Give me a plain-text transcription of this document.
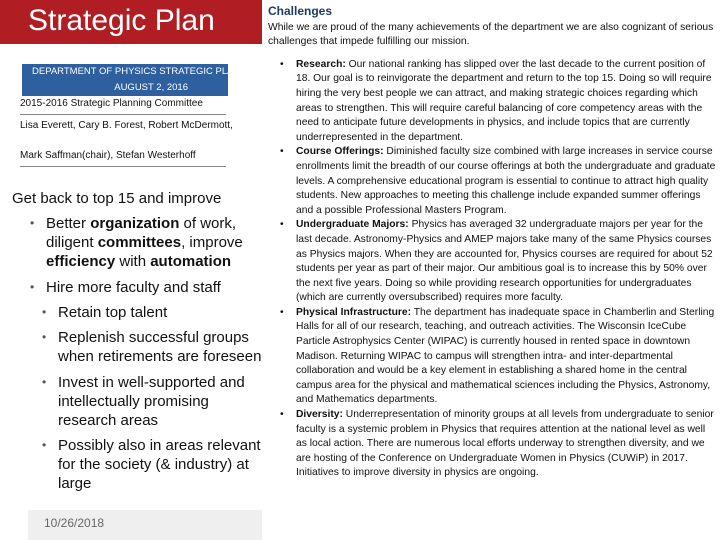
Strategic Plan
DEPARTMENT OF PHYSICS STRATEGIC PLAN
AUGUST 2, 2016
2015-2016 Strategic Planning Committee
Lisa Everett, Cary B. Forest, Robert McDermott,
Mark Saffman(chair), Stefan Westerhoff
Get back to top 15 and improve
• Better organization of work, diligent committees, improve efficiency with automation
• Hire more faculty and staff
• Retain top talent
• Replenish successful groups when retirements are foreseen
• Invest in well-supported and intellectually promising research areas
• Possibly also in areas relevant for the society (& industry) at large
10/26/2018
Challenges
While we are proud of the many achievements of the department we are also cognizant of serious challenges that impede fulfilling our mission.
• Research: Our national ranking has slipped over the last decade to the current position of 18. Our goal is to reinvigorate the department and return to the top 15. Doing so will require hiring the very best people we can attract, and making strategic choices regarding which areas to strengthen. This will require careful balancing of core competency areas with the need to anticipate future developments in physics, and include topics that are currently underrepresented in the department.
• Course Offerings: Diminished faculty size combined with large increases in service course enrollments limit the breadth of our course offerings at both the undergraduate and graduate levels. A comprehensive educational program is essential to continue to attract high quality students. New approaches to meeting this challenge include expanded summer offerings and a possible Professional Masters Program.
• Undergraduate Majors: Physics has averaged 32 undergraduate majors per year for the last decade. Astronomy-Physics and AMEP majors take many of the same Physics courses as Physics majors. When they are accounted for, Physics courses are required for about 52 students per year as part of their major. Our ambitious goal is to increase this by 50% over the next five years. Doing so while providing research opportunities for undergraduates (which are currently oversubscribed) requires more faculty.
• Physical Infrastructure: The department has inadequate space in Chamberlin and Sterling Halls for all of our research, teaching, and outreach activities. The Wisconsin IceCube Particle Astrophysics Center (WIPAC) is currently housed in rented space in downtown Madison. Returning WIPAC to campus will strengthen intra- and inter-departmental collaboration and would be a key element in establishing a shared home in the central campus area for the physical and mathematical sciences including the Physics, Astronomy, and Mathematics departments.
• Diversity: Underrepresentation of minority groups at all levels from undergraduate to senior faculty is a systemic problem in Physics that requires attention at the national level as well as local action. There are numerous local efforts underway to strengthen diversity, and we are hosting of the Conference on Undergraduate Women in Physics (CUWiP) in 2017. Initiatives to improve diversity in physics are ongoing.
